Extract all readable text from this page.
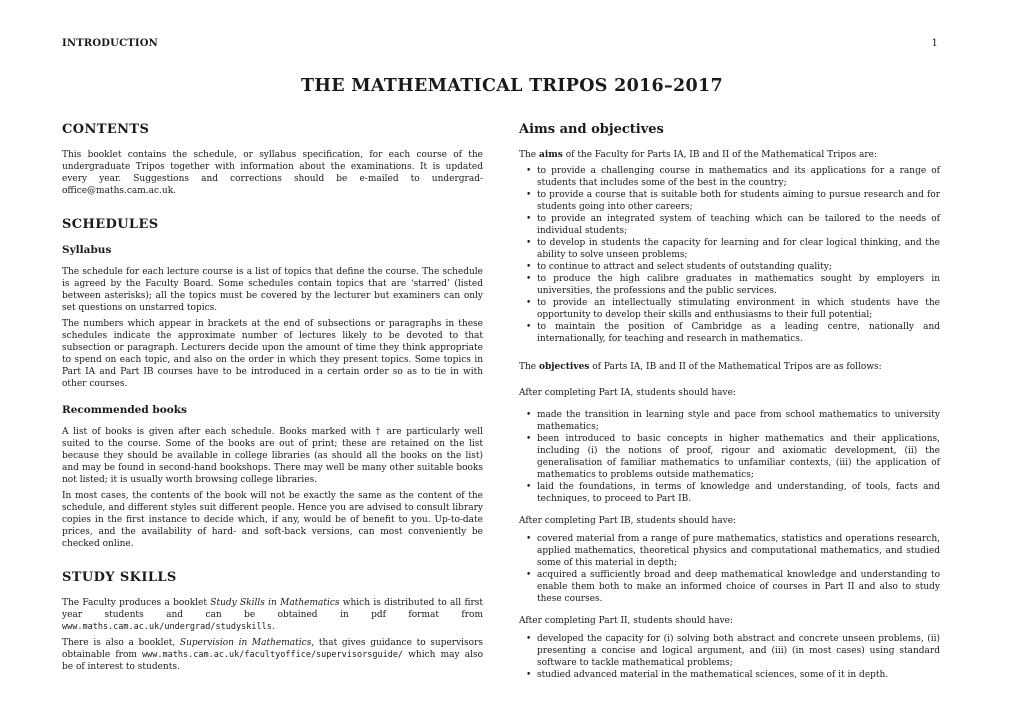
INTRODUCTION	1
THE MATHEMATICAL TRIPOS 2016–2017
CONTENTS

This booklet contains the schedule, or syllabus specification, for each course of the undergraduate Tripos together with information about the examinations. It is updated every year. Suggestions and corrections should be e-mailed to undergrad-office@maths.cam.ac.uk.

SCHEDULES
Syllabus

The schedule for each lecture course is a list of topics that define the course. The schedule is agreed by the Faculty Board. Some schedules contain topics that are ‘starred’ (listed between asterisks); all the topics must be covered by the lecturer but examiners can only set questions on unstarred topics.

The numbers which appear in brackets at the end of subsections or paragraphs in these schedules indicate the approximate number of lectures likely to be devoted to that subsection or paragraph. Lecturers decide upon the amount of time they think appropriate to spend on each topic, and also on the order in which they present topics. Some topics in Part IA and Part IB courses have to be introduced in a certain order so as to tie in with other courses.

Recommended books

A list of books is given after each schedule. Books marked with † are particularly well suited to the course. Some of the books are out of print; these are retained on the list because they should be available in college libraries (as should all the books on the list) and may be found in second-hand bookshops. There may well be many other suitable books not listed; it is usually worth browsing college libraries.

In most cases, the contents of the book will not be exactly the same as the content of the schedule, and different styles suit different people. Hence you are advised to consult library copies in the first instance to decide which, if any, would be of benefit to you. Up-to-date prices, and the availability of hard- and soft-back versions, can most conveniently be checked online.

STUDY SKILLS

The Faculty produces a booklet Study Skills in Mathematics which is distributed to all first year students and can be obtained in pdf format from www.maths.cam.ac.uk/undergrad/studyskills.

There is also a booklet, Supervision in Mathematics, that gives guidance to supervisors obtainable from www.maths.cam.ac.uk/facultyoffice/supervisorsguide/ which may also be of interest to students.

Aims and objectives

The aims of the Faculty for Parts IA, IB and II of the Mathematical Tripos are:

• to provide a challenging course in mathematics and its applications for a range of students that includes some of the best in the country;
• to provide a course that is suitable both for students aiming to pursue research and for students going into other careers;
• to provide an integrated system of teaching which can be tailored to the needs of individual students;
• to develop in students the capacity for learning and for clear logical thinking, and the ability to solve unseen problems;
• to continue to attract and select students of outstanding quality;
• to produce the high calibre graduates in mathematics sought by employers in universities, the professions and the public services.
• to provide an intellectually stimulating environment in which students have the opportunity to develop their skills and enthusiasms to their full potential;
• to maintain the position of Cambridge as a leading centre, nationally and internationally, for teaching and research in mathematics.

The objectives of Parts IA, IB and II of the Mathematical Tripos are as follows:

After completing Part IA, students should have:

• made the transition in learning style and pace from school mathematics to university mathematics;
• been introduced to basic concepts in higher mathematics and their applications, including (i) the notions of proof, rigour and axiomatic development, (ii) the generalisation of familiar mathematics to unfamiliar contexts, (iii) the application of mathematics to problems outside mathematics;
• laid the foundations, in terms of knowledge and understanding, of tools, facts and techniques, to proceed to Part IB.

After completing Part IB, students should have:

• covered material from a range of pure mathematics, statistics and operations research, applied mathematics, theoretical physics and computational mathematics, and studied some of this material in depth;
• acquired a sufficiently broad and deep mathematical knowledge and understanding to enable them both to make an informed choice of courses in Part II and also to study these courses.

After completing Part II, students should have:

• developed the capacity for (i) solving both abstract and concrete unseen problems, (ii) presenting a concise and logical argument, and (iii) (in most cases) using standard software to tackle mathematical problems;
• studied advanced material in the mathematical sciences, some of it in depth.
